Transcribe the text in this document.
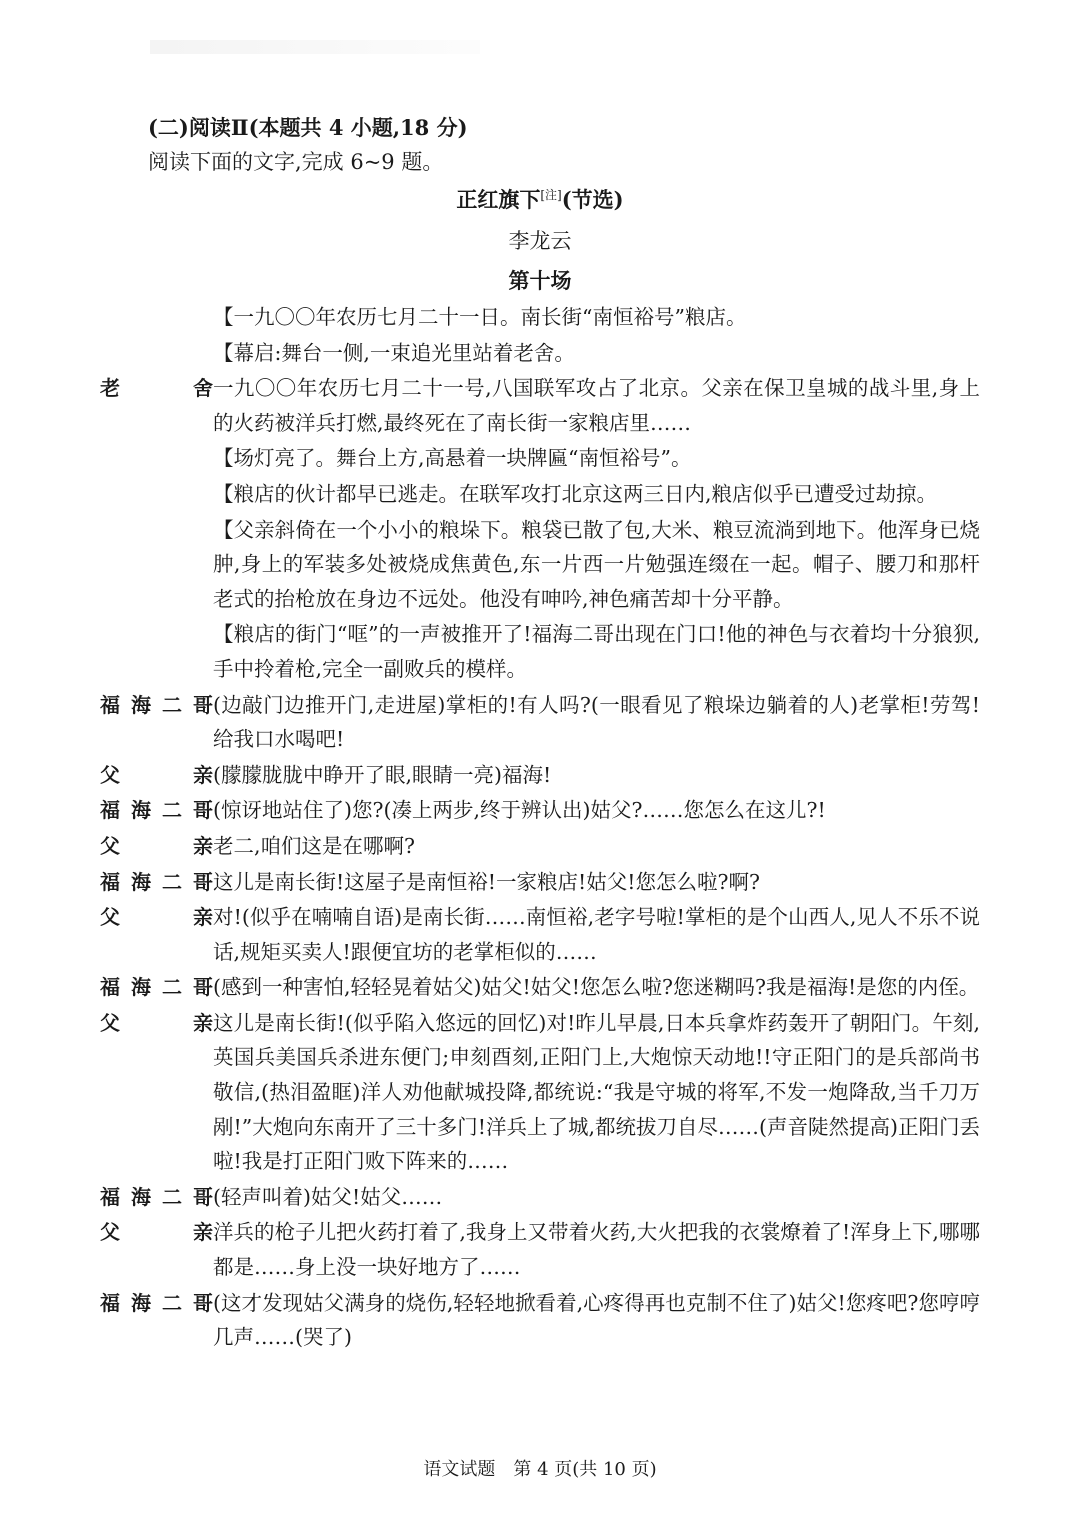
(二)阅读Ⅱ(本题共 4 小题,18 分)
阅读下面的文字,完成 6~9 题。
正红旗下[注](节选)
李龙云
第十场
【一九〇〇年农历七月二十一日。南长街“南恒裕号”粮店。
【幕启:舞台一侧,一束追光里站着老舍。
老　　舍 一九〇〇年农历七月二十一号,八国联军攻占了北京。父亲在保卫皇城的战斗里,身上的火药被洋兵打燃,最终死在了南长街一家粮店里……
【场灯亮了。舞台上方,高悬着一块牌匾“南恒裕号”。
【粮店的伙计都早已逃走。在联军攻打北京这两三日内,粮店似乎已遭受过劫掠。
【父亲斜倚在一个小小的粮垛下。粮袋已散了包,大米、粮豆流淌到地下。他浑身已烧肿,身上的军装多处被烧成焦黄色,东一片西一片勉强连缀在一起。帽子、腰刀和那杆老式的抬枪放在身边不远处。他没有呻吟,神色痛苦却十分平静。
【粮店的街门“哐”的一声被推开了!福海二哥出现在门口!他的神色与衣着均十分狼狈,手中拎着枪,完全一副败兵的模样。
福海二哥 (边敲门边推开门,走进屋)掌柜的!有人吗?(一眼看见了粮垛边躺着的人)老掌柜!劳驾!给我口水喝吧!
父　　亲 (朦朦胧胧中睁开了眼,眼睛一亮)福海!
福海二哥 (惊讶地站住了)您?(凑上两步,终于辨认出)姑父?……您怎么在这儿?!
父　　亲 老二,咱们这是在哪啊?
福海二哥 这儿是南长街!这屋子是南恒裕!一家粮店!姑父!您怎么啦?啊?
父　　亲 对!(似乎在喃喃自语)是南长街……南恒裕,老字号啦!掌柜的是个山西人,见人不乐不说话,规矩买卖人!跟便宜坊的老掌柜似的……
福海二哥 (感到一种害怕,轻轻晃着姑父)姑父!姑父!您怎么啦?您迷糊吗?我是福海!是您的内侄。
父　　亲 这儿是南长街!(似乎陷入悠远的回忆)对!昨儿早晨,日本兵拿炸药轰开了朝阳门。午刻,英国兵美国兵杀进东便门;申刻酉刻,正阳门上,大炮惊天动地!!守正阳门的是兵部尚书敬信,(热泪盈眶)洋人劝他献城投降,都统说:“我是守城的将军,不发一炮降敌,当千刀万剐!”大炮向东南开了三十多门!洋兵上了城,都统拔刀自尽……(声音陡然提高)正阳门丢啦!我是打正阳门败下阵来的……
福海二哥 (轻声叫着)姑父!姑父……
父　　亲 洋兵的枪子儿把火药打着了,我身上又带着火药,大火把我的衣裳燎着了!浑身上下,哪哪都是……身上没一块好地方了……
福海二哥 (这才发现姑父满身的烧伤,轻轻地掀看着,心疼得再也克制不住了)姑父!您疼吧?您哼哼几声……(哭了)
语文试题　第 4 页(共 10 页)
